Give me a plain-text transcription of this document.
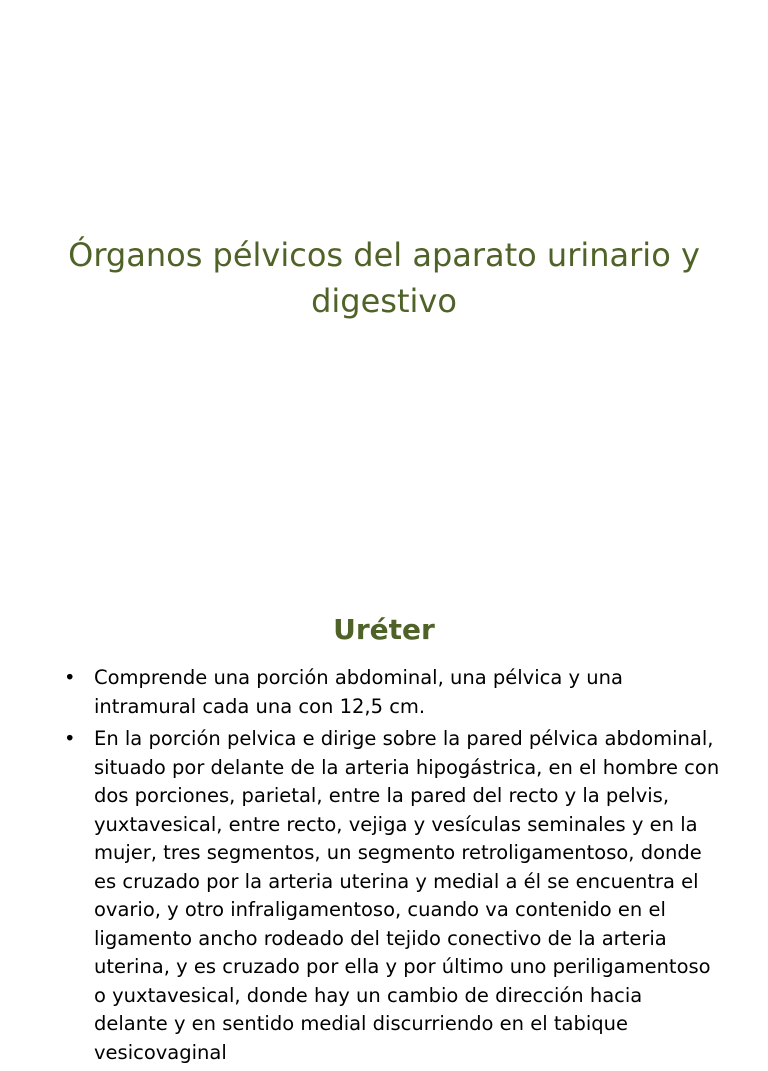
Órganos pélvicos del aparato urinario y digestivo
Uréter
• Comprende una porción abdominal, una pélvica y una intramural cada una con 12,5 cm.
• En la porción pelvica e dirige sobre la pared pélvica abdominal, situado por delante de la arteria hipogástrica, en el hombre con dos porciones, parietal, entre la pared del recto y la pelvis, yuxtavesical, entre recto, vejiga y vesículas seminales y en la mujer, tres segmentos, un segmento retroligamentoso, donde es cruzado por la arteria uterina y medial a él se encuentra el ovario, y otro infraligamentoso, cuando va contenido en el ligamento ancho rodeado del tejido conectivo de la arteria uterina, y es cruzado por ella y por último uno periligamentoso o yuxtavesical, donde hay un cambio de dirección hacia delante y en sentido medial discurriendo en el tabique vesicovaginal
